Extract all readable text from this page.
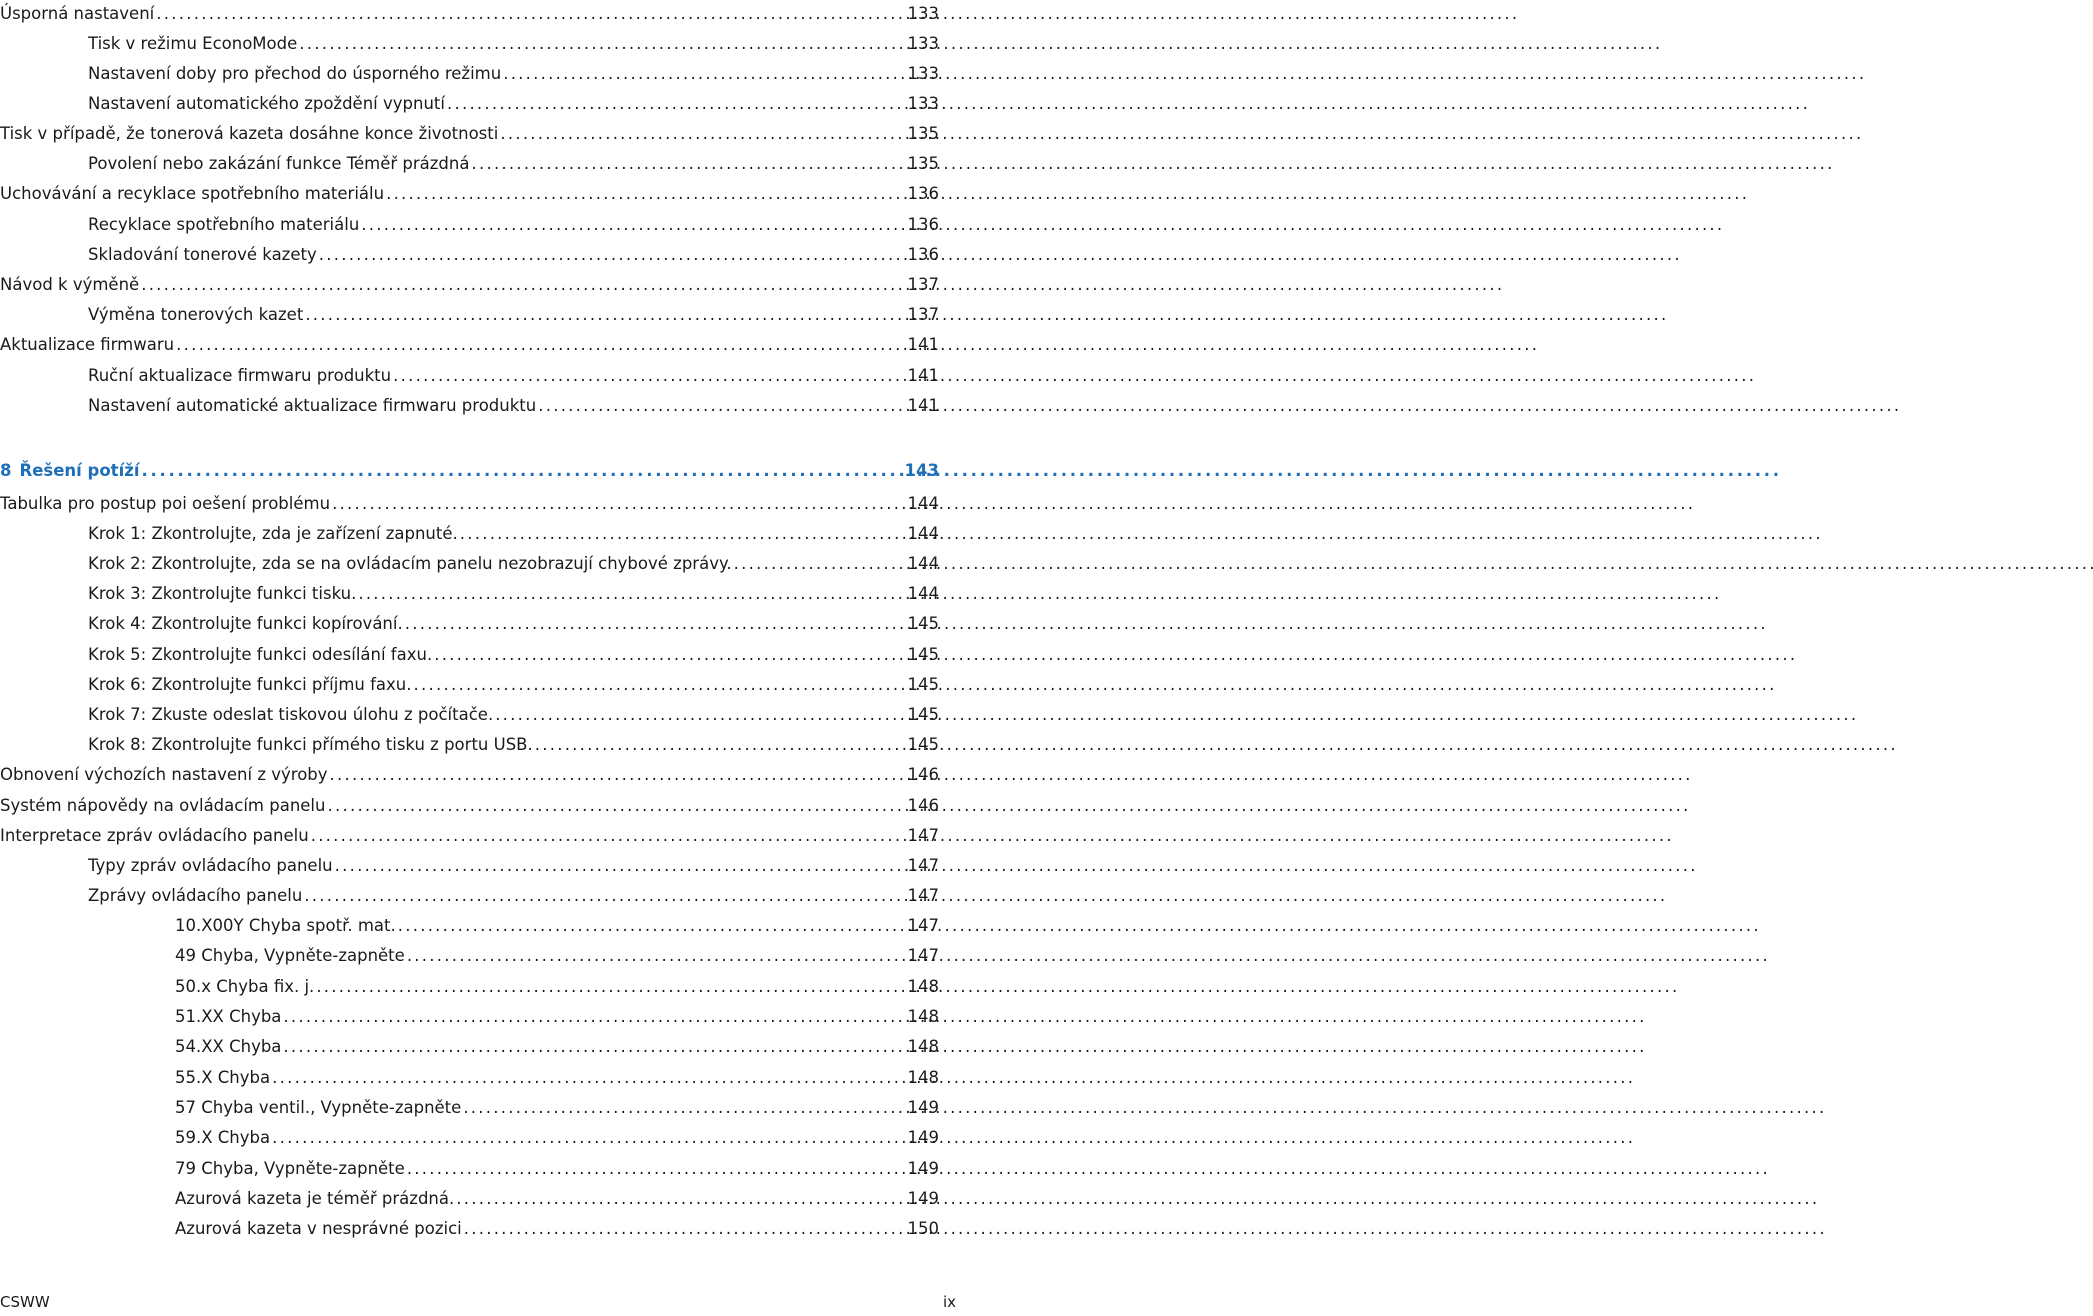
Úsporná nastavení . . .	133
Tisk v režimu EconoMode . . .	133
Nastavení doby pro přechod do úsporného režimu . . .	133
Nastavení automatického zpoždění vypnutí . . .	133
Tisk v případě, že tonerová kazeta dosáhne konce životnosti . . .	135
Povolení nebo zakázání funkce Téměř prázdná . . .	135
Uchovávání a recyklace spotřebního materiálu . . .	136
Recyklace spotřebního materiálu . . .	136
Skladování tonerové kazety . . .	136
Návod k výměně . . .	137
Výměna tonerových kazet . . .	137
Aktualizace firmwaru . . .	141
Ruční aktualizace firmwaru produktu . . .	141
Nastavení automatické aktualizace firmwaru produktu . . .	141
8 Řešení potíží . . .	143
Tabulka pro postup poi oešení problému . . .	144
Krok 1: Zkontrolujte, zda je zařízení zapnuté. . . .	144
Krok 2: Zkontrolujte, zda se na ovládacím panelu nezobrazují chybové zprávy. . . .	144
Krok 3: Zkontrolujte funkci tisku. . . .	144
Krok 4: Zkontrolujte funkci kopírování. . . .	145
Krok 5: Zkontrolujte funkci odesílání faxu. . . .	145
Krok 6: Zkontrolujte funkci příjmu faxu. . . .	145
Krok 7: Zkuste odeslat tiskovou úlohu z počítače. . . .	145
Krok 8: Zkontrolujte funkci přímého tisku z portu USB. . . .	145
Obnovení výchozích nastavení z výroby . . .	146
Systém nápovědy na ovládacím panelu . . .	146
Interpretace zpráv ovládacího panelu . . .	147
Typy zpráv ovládacího panelu . . .	147
Zprávy ovládacího panelu . . .	147
10.X00Y Chyba spotř. mat. . . .	147
49 Chyba, Vypněte-zapněte . . .	147
50.x Chyba fix. j. . . .	148
51.XX Chyba . . .	148
54.XX Chyba . . .	148
55.X Chyba . . .	148
57 Chyba ventil., Vypněte-zapněte . . .	149
59.X Chyba . . .	149
79 Chyba, Vypněte-zapněte . . .	149
Azurová kazeta je téměř prázdná. . . .	149
Azurová kazeta v nesprávné pozici . . .	150
CSWW	ix
